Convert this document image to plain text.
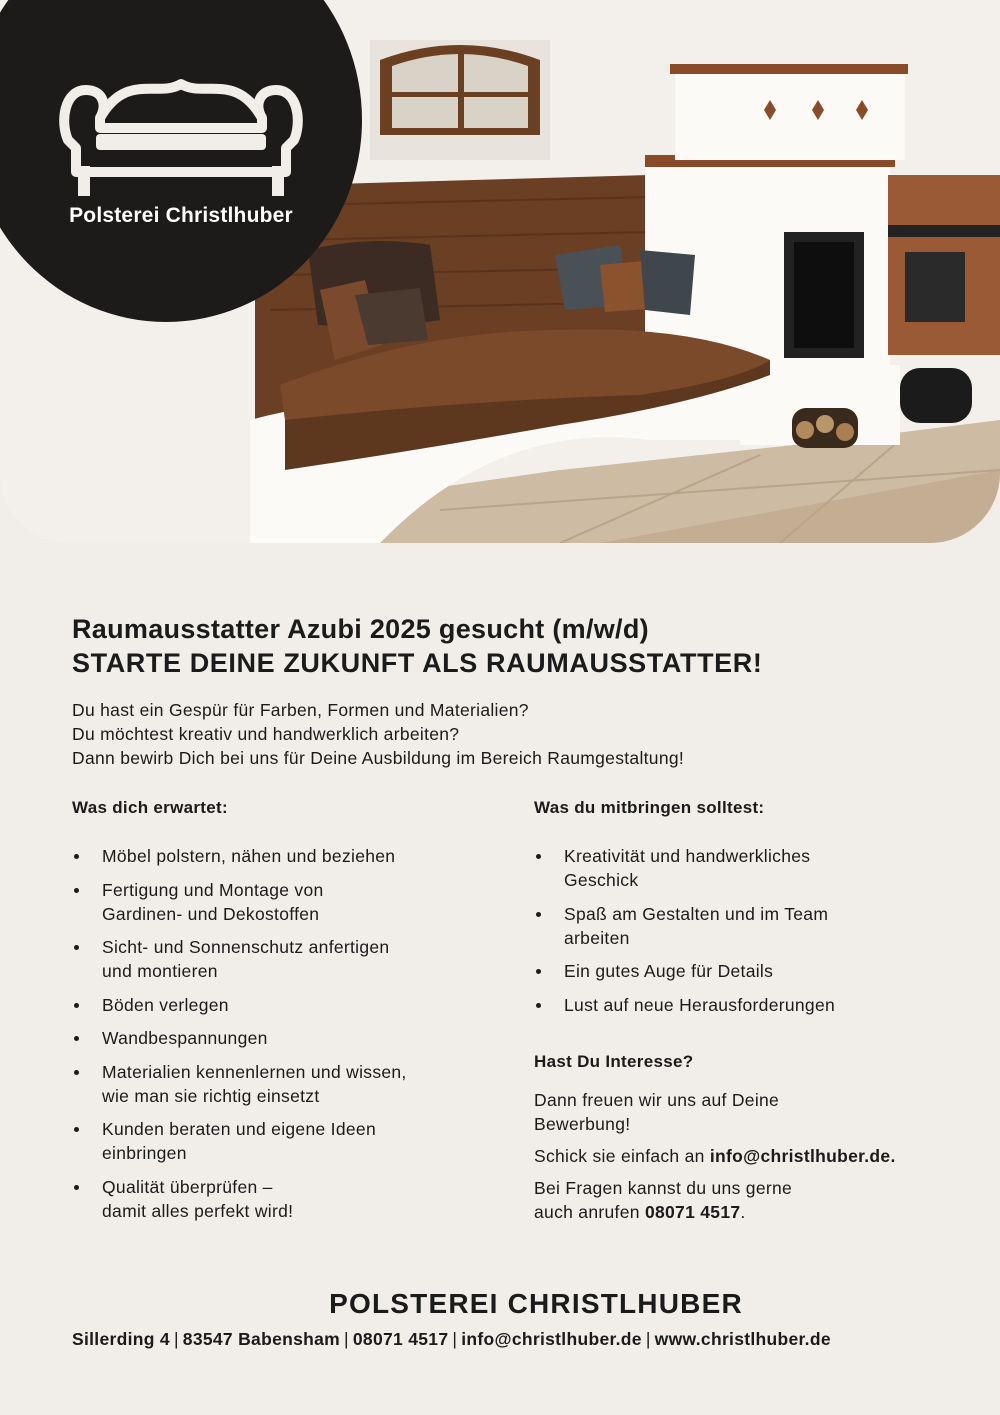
Polsterei Christlhuber
Raumausstatter Azubi 2025 gesucht (m/w/d)
STARTE DEINE ZUKUNFT ALS RAUMAUSSTATTER!
Du hast ein Gespür für Farben, Formen und Materialien?
Du möchtest kreativ und handwerklich arbeiten?
Dann bewirb Dich bei uns für Deine Ausbildung im Bereich Raumgestaltung!
Was dich erwartet:
Möbel polstern, nähen und beziehen
Fertigung und Montage von
Gardinen- und Dekostoffen
Sicht- und Sonnenschutz anfertigen
und montieren
Böden verlegen
Wandbespannungen
Materialien kennenlernen und wissen,
wie man sie richtig einsetzt
Kunden beraten und eigene Ideen
einbringen
Qualität überprüfen –
damit alles perfekt wird!
Was du mitbringen solltest:
Kreativität und handwerkliches
Geschick
Spaß am Gestalten und im Team
arbeiten
Ein gutes Auge für Details
Lust auf neue Herausforderungen
Hast Du Interesse?

Dann freuen wir uns auf Deine
Bewerbung!

Schick sie einfach an info@christlhuber.de.

Bei Fragen kannst du uns gerne
auch anrufen 08071 4517.

POLSTEREI CHRISTLHUBER
Sillerding 4 | 83547 Babensham | 08071 4517 | info@christlhuber.de | www.christlhuber.de
